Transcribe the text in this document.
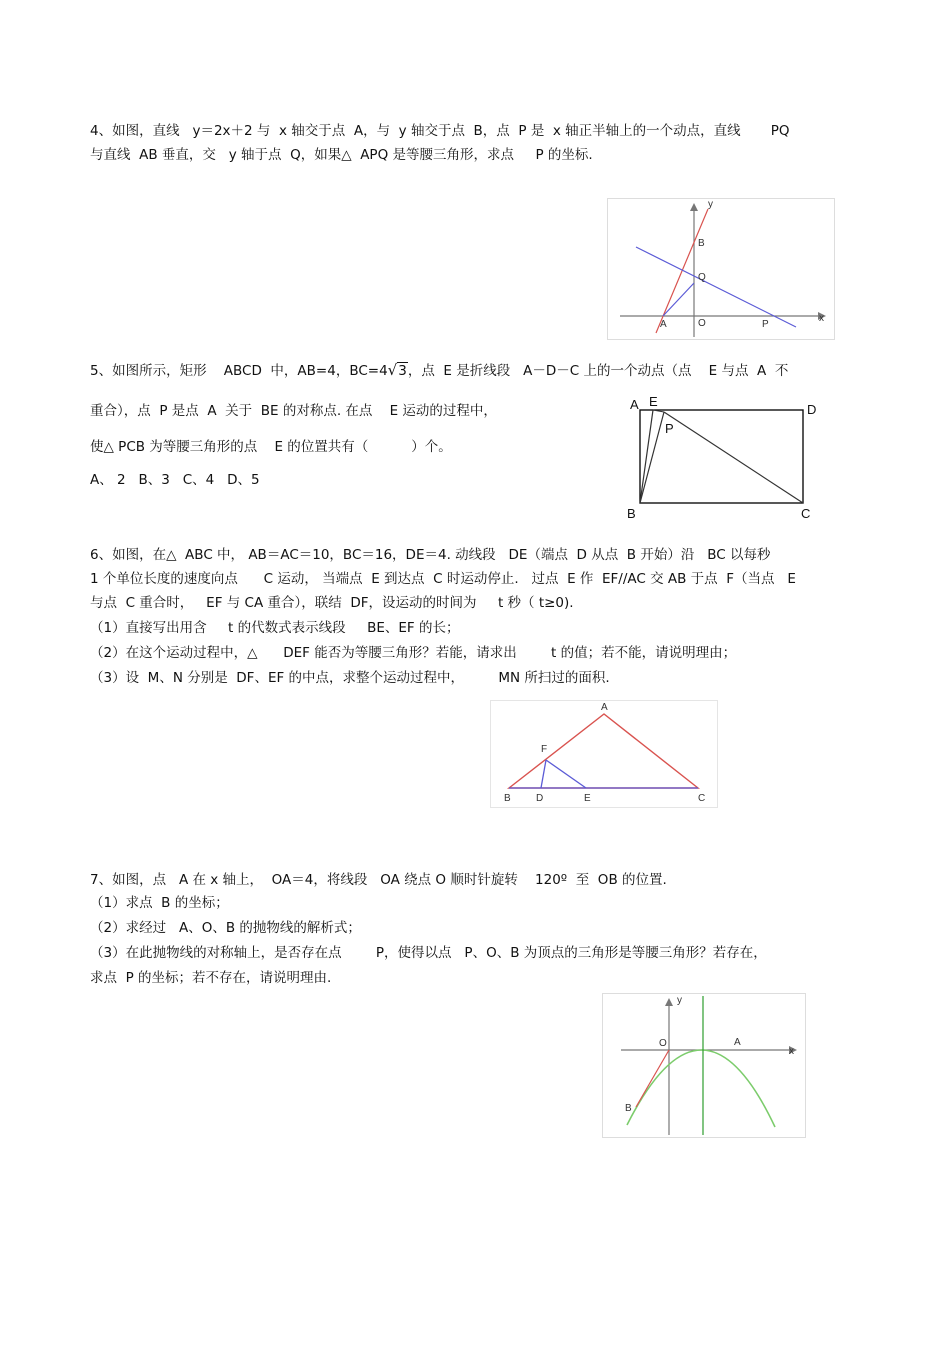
4、如图，直线   y＝2x＋2 与  x 轴交于点  A，与  y 轴交于点  B，点  P 是  x 轴正半轴上的一个动点，直线       PQ
与直线  AB 垂直，交   y 轴于点  Q，如果△  APQ 是等腰三角形，求点     P 的坐标.
y
x
B
Q
A	O	P
5、如图所示，矩形    ABCD  中，AB=4，BC=4√3，点  E 是折线段   A－D－C 上的一个动点（点    E 与点  A  不
重合），点  P 是点  A  关于  BE 的对称点. 在点    E 运动的过程中，
使△ PCB 为等腰三角形的点    E 的位置共有（          ）个。
A、 2   B、3   C、4   D、5
A E
D
P
B	C
6、如图，在△  ABC 中， AB＝AC＝10，BC＝16，DE＝4. 动线段   DE（端点  D 从点  B 开始）沿   BC 以每秒
1 个单位长度的速度向点      C 运动， 当端点  E 到达点  C 时运动停止.   过点  E 作  EF//AC 交 AB 于点  F（当点   E
与点  C 重合时，   EF 与 CA 重合），联结  DF，设运动的时间为     t 秒（ t≥0).
（1）直接写出用含     t 的代数式表示线段     BE、EF 的长；
（2）在这个运动过程中，△      DEF 能否为等腰三角形？若能，请求出        t 的值；若不能，请说明理由；
（3）设  M、N 分别是  DF、EF 的中点，求整个运动过程中，        MN 所扫过的面积.
A
F
B	D	E	C
7、如图，点   A 在 x 轴上，  OA＝4，将线段   OA 绕点 O 顺时针旋转    120º  至  OB 的位置.
（1）求点  B 的坐标；
（2）求经过   A、O、B 的抛物线的解析式；
（3）在此抛物线的对称轴上，是否存在点        P，使得以点   P、O、B 为顶点的三角形是等腰三角形？若存在，
求点  P 的坐标；若不存在，请说明理由.
y
x
O	A
B
